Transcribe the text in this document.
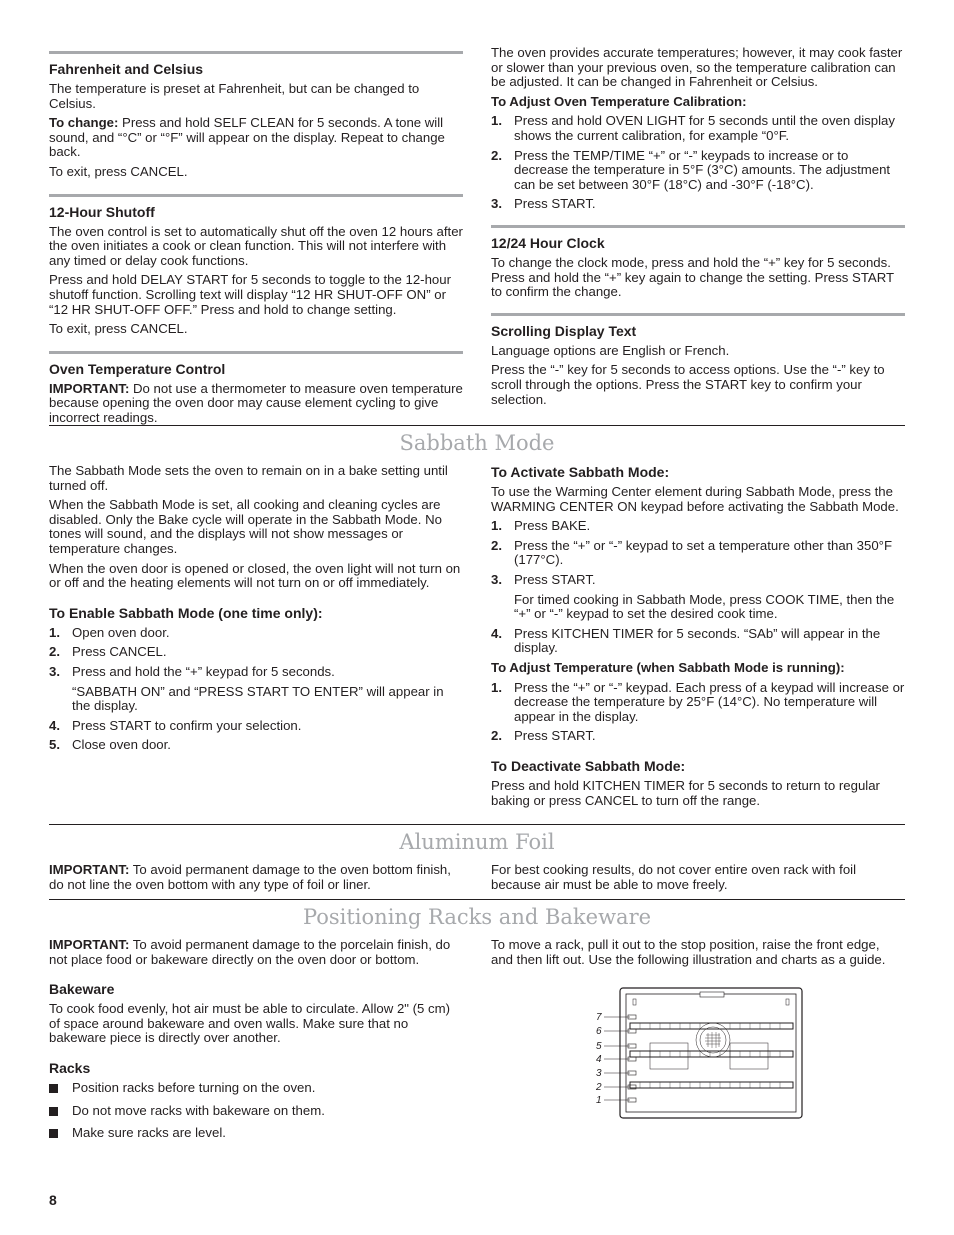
Fahrenheit and Celsius

The temperature is preset at Fahrenheit, but can be changed to Celsius.

To change: Press and hold SELF CLEAN for 5 seconds. A tone will sound, and “°C” or “°F” will appear on the display. Repeat to change back.

To exit, press CANCEL.

12-Hour Shutoff

The oven control is set to automatically shut off the oven 12 hours after the oven initiates a cook or clean function. This will not interfere with any timed or delay cook functions.

Press and hold DELAY START for 5 seconds to toggle to the 12-hour shutoff function. Scrolling text will display “12 HR SHUT-OFF ON” or “12 HR SHUT-OFF OFF.” Press and hold to change setting.

To exit, press CANCEL.

Oven Temperature Control

IMPORTANT: Do not use a thermometer to measure oven temperature because opening the oven door may cause element cycling to give incorrect readings.

The oven provides accurate temperatures; however, it may cook faster or slower than your previous oven, so the temperature calibration can be adjusted. It can be changed in Fahrenheit or Celsius.

To Adjust Oven Temperature Calibration:
1. Press and hold OVEN LIGHT for 5 seconds until the oven display shows the current calibration, for example “0°F.
2. Press the TEMP/TIME “+” or “-” keypads to increase or to decrease the temperature in 5°F (3°C) amounts. The adjustment can be set between 30°F (18°C) and -30°F (-18°C).
3. Press START.
12/24 Hour Clock

To change the clock mode, press and hold the “+” key for 5 seconds. Press and hold the “+” key again to change the setting. Press START to confirm the change.

Scrolling Display Text

Language options are English or French.

Press the “-” key for 5 seconds to access options. Use the “-” key to scroll through the options. Press the START key to confirm your selection.

Sabbath Mode

The Sabbath Mode sets the oven to remain on in a bake setting until turned off.

When the Sabbath Mode is set, all cooking and cleaning cycles are disabled. Only the Bake cycle will operate in the Sabbath Mode. No tones will sound, and the displays will not show messages or temperature changes.

When the oven door is opened or closed, the oven light will not turn on or off and the heating elements will not turn on or off immediately.

To Enable Sabbath Mode (one time only):
1. Open oven door.
2. Press CANCEL.
3. Press and hold the “+” keypad for 5 seconds.

“SABBATH ON” and “PRESS START TO ENTER” will appear in the display.

4. Press START to confirm your selection.
5. Close oven door.
To Activate Sabbath Mode:

To use the Warming Center element during Sabbath Mode, press the WARMING CENTER ON keypad before activating the Sabbath Mode.

1. Press BAKE.
2. Press the “+” or “-” keypad to set a temperature other than 350°F (177°C).
3. Press START.

For timed cooking in Sabbath Mode, press COOK TIME, then the “+” or “-” keypad to set the desired cook time.

4. Press KITCHEN TIMER for 5 seconds. “SAb” will appear in the display.
To Adjust Temperature (when Sabbath Mode is running):
1. Press the “+” or “-” keypad. Each press of a keypad will increase or decrease the temperature by 25°F (14°C). No temperature will appear in the display.
2. Press START.
To Deactivate Sabbath Mode:

Press and hold KITCHEN TIMER for 5 seconds to return to regular baking or press CANCEL to turn off the range.

Aluminum Foil

IMPORTANT: To avoid permanent damage to the oven bottom finish, do not line the oven bottom with any type of foil or liner.

For best cooking results, do not cover entire oven rack with foil because air must be able to move freely.

Positioning Racks and Bakeware

IMPORTANT: To avoid permanent damage to the porcelain finish, do not place food or bakeware directly on the oven door or bottom.

Bakeware

To cook food evenly, hot air must be able to circulate. Allow 2" (5 cm) of space around bakeware and oven walls. Make sure that no bakeware piece is directly over another.

Racks
Position racks before turning on the oven.
Do not move racks with bakeware on them.
Make sure racks are level.

To move a rack, pull it out to the stop position, raise the front edge, and then lift out. Use the following illustration and charts as a guide.

7
6
5
4
3
2
1
8
